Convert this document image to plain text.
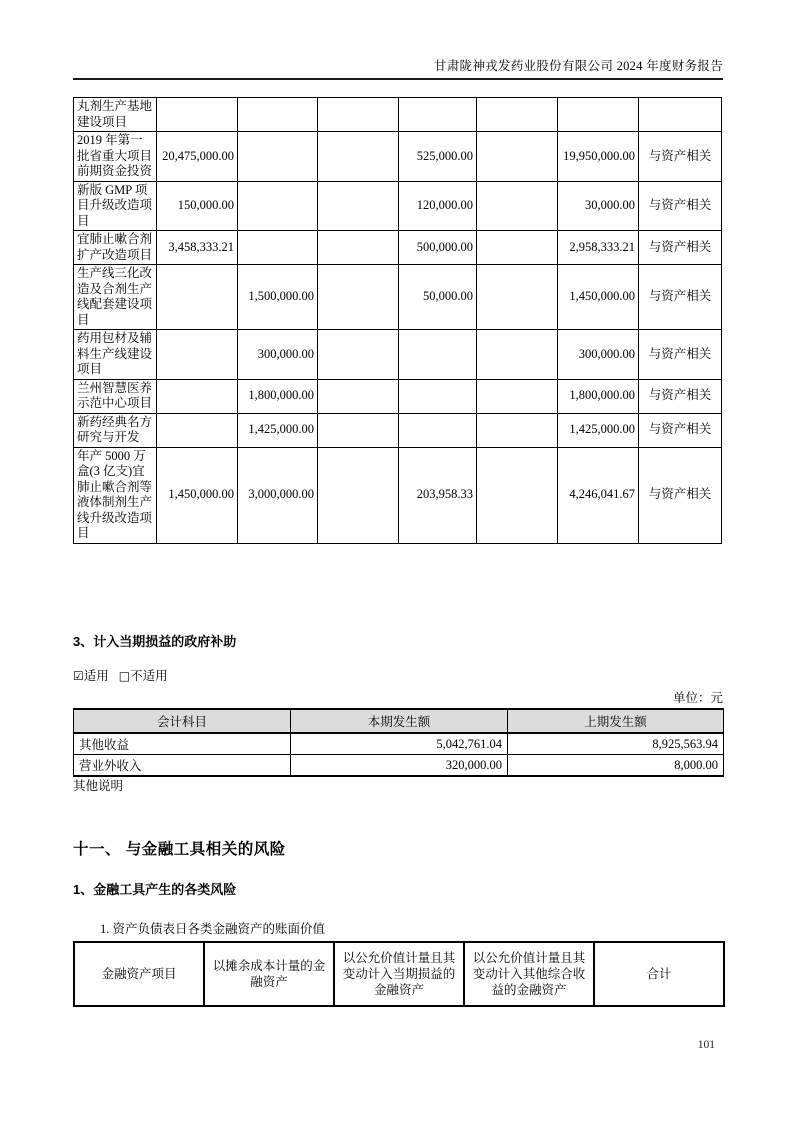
甘肃陇神戎发药业股份有限公司 2024 年度财务报告
丸剂生产基地建设项目							
2019 年第一批省重大项目前期资金投资	20,475,000.00			525,000.00		19,950,000.00	与资产相关
新版 GMP 项目升级改造项目	150,000.00			120,000.00		30,000.00	与资产相关
宜肺止嗽合剂扩产改造项目	3,458,333.21			500,000.00		2,958,333.21	与资产相关
生产线三化改造及合剂生产线配套建设项目		1,500,000.00		50,000.00		1,450,000.00	与资产相关
药用包材及辅料生产线建设项目		300,000.00				300,000.00	与资产相关
兰州智慧医养示范中心项目		1,800,000.00				1,800,000.00	与资产相关
新药经典名方研究与开发		1,425,000.00				1,425,000.00	与资产相关
年产 5000 万盒(3 亿支)宜肺止嗽合剂等液体制剂生产线升级改造项目	1,450,000.00	3,000,000.00		203,958.33		4,246,041.67	与资产相关
3、计入当期损益的政府补助
☑适用 □不适用
单位：元
会计科目	本期发生额	上期发生额
其他收益	5,042,761.04	8,925,563.94
营业外收入	320,000.00	8,000.00
其他说明
十一、 与金融工具相关的风险
1、金融工具产生的各类风险
1. 资产负债表日各类金融资产的账面价值
金融资产项目	以摊余成本计量的金融资产	以公允价值计量且其变动计入当期损益的金融资产	以公允价值计量且其变动计入其他综合收益的金融资产	合计
101
